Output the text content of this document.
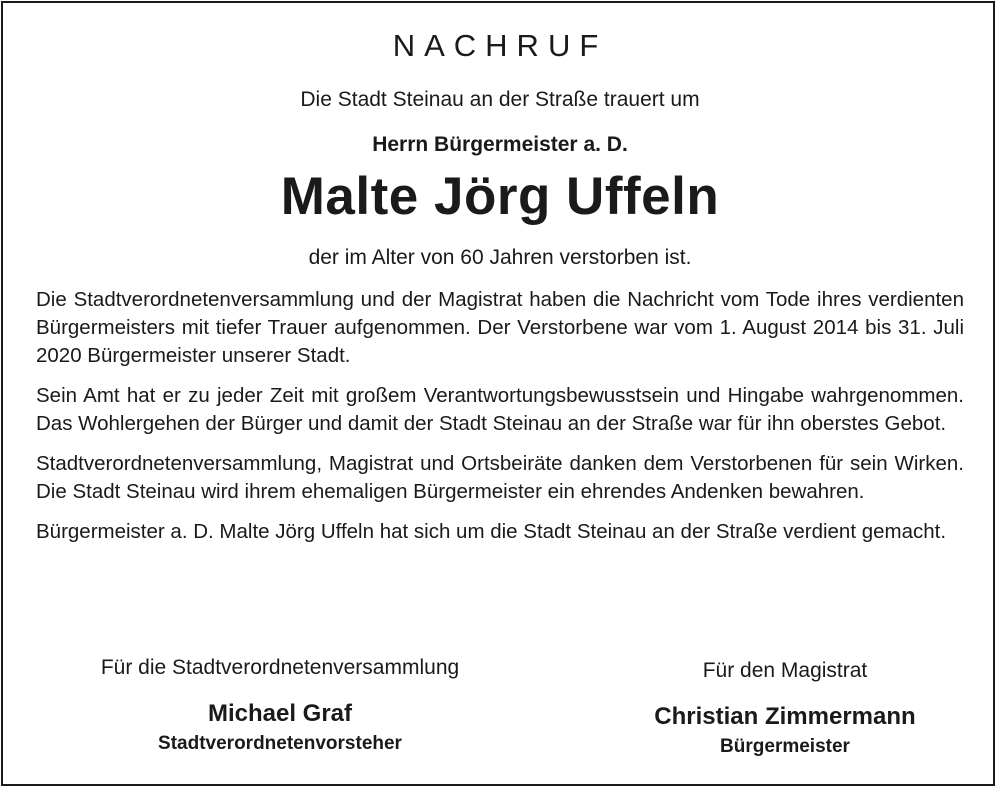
NACHRUF
Die Stadt Steinau an der Straße trauert um
Herrn Bürgermeister a. D.
Malte Jörg Uffeln
der im Alter von 60 Jahren verstorben ist.

Die Stadtverordnetenversammlung und der Magistrat haben die Nachricht vom Tode ihres verdienten Bürgermeisters mit tiefer Trauer aufgenommen. Der Verstorbene war vom 1. August 2014 bis 31. Juli 2020 Bürgermeister unserer Stadt.

Sein Amt hat er zu jeder Zeit mit großem Verantwortungsbewusstsein und Hingabe wahrgenommen. Das Wohlergehen der Bürger und damit der Stadt Steinau an der Straße war für ihn oberstes Gebot.

Stadtverordnetenversammlung, Magistrat und Ortsbeiräte danken dem Verstorbenen für sein Wirken. Die Stadt Steinau wird ihrem ehemaligen Bürgermeister ein ehrendes Andenken bewahren.

Bürgermeister a. D. Malte Jörg Uffeln hat sich um die Stadt Steinau an der Straße verdient gemacht.

Für die Stadtverordnetenversammlung
Michael Graf
Stadtverordnetenvorsteher
Für den Magistrat
Christian Zimmermann
Bürgermeister
